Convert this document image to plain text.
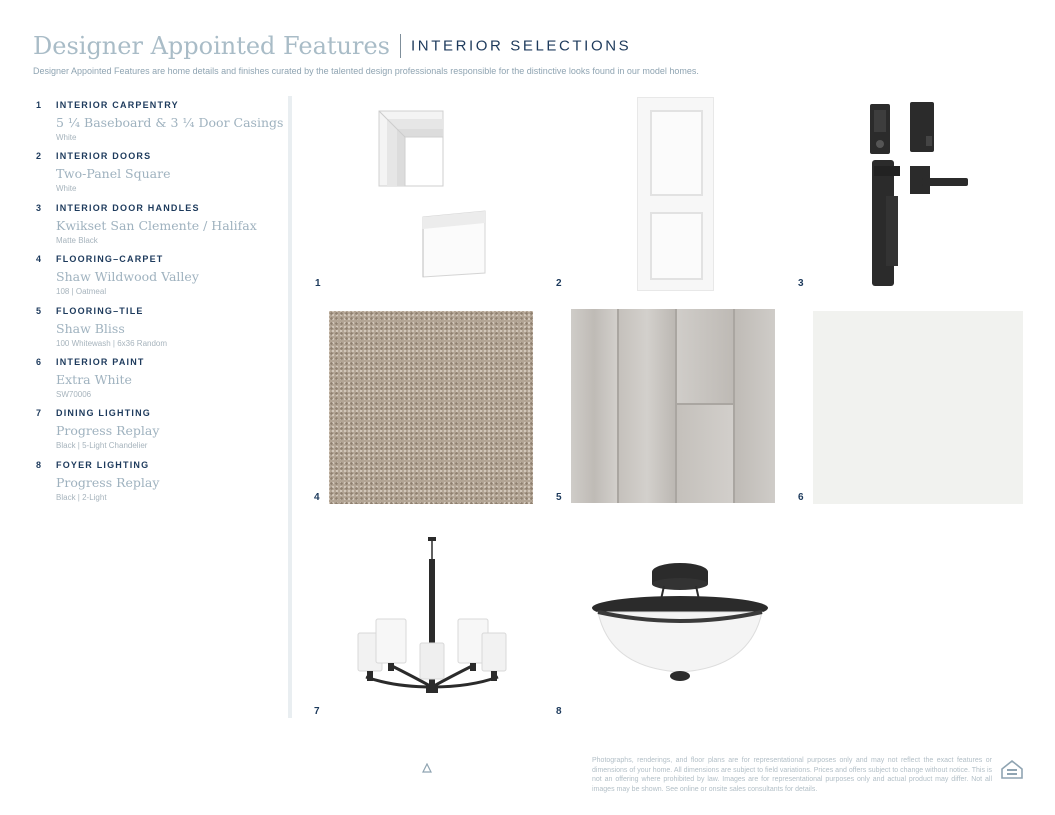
Designer Appointed Features INTERIOR SELECTIONS
Designer Appointed Features are home details and finishes curated by the talented design professionals responsible for the distinctive looks found in our model homes.
1 INTERIOR CARPENTRY
5 ¼ Baseboard & 3 ¼ Door Casings
White
2 INTERIOR DOORS
Two-Panel Square
White
3 INTERIOR DOOR HANDLES
Kwikset San Clemente / Halifax
Matte Black
4 FLOORING–CARPET
Shaw Wildwood Valley
108 | Oatmeal
5 FLOORING–TILE
Shaw Bliss
100 Whitewash | 6x36 Random
6 INTERIOR PAINT
Extra White
SW70006
7 DINING LIGHTING
Progress Replay
Black | 5-Light Chandelier
8 FOYER LIGHTING
Progress Replay
Black | 2-Light
1	2	3
4	5	6
7	8
Photographs, renderings, and floor plans are for representational purposes only and may not reflect the exact features or dimensions of your home. All dimensions are subject to field variations. Prices and offers subject to change without notice. This is not an offering where prohibited by law. Images are for representational purposes only and actual product may differ. Not all images may be shown. See online or onsite sales consultants for details.
